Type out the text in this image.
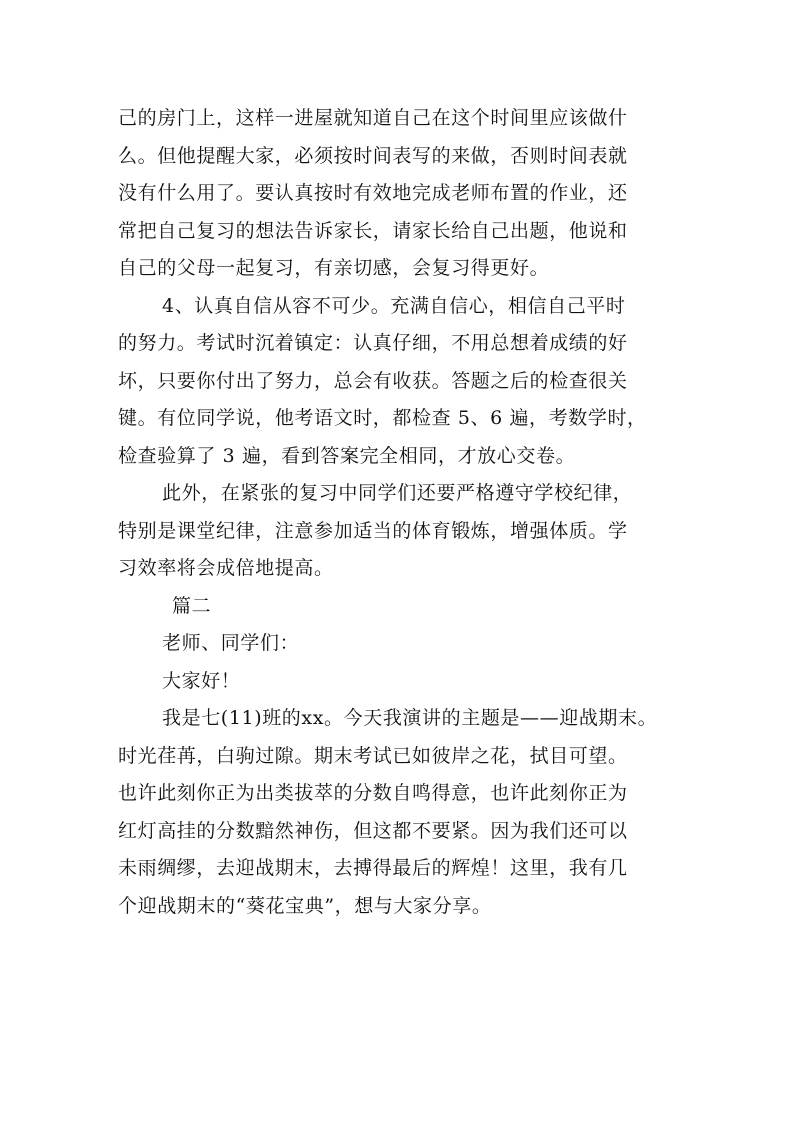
己的房门上，这样一进屋就知道自己在这个时间里应该做什
么。但他提醒大家，必须按时间表写的来做，否则时间表就
没有什么用了。要认真按时有效地完成老师布置的作业，还
常把自己复习的想法告诉家长，请家长给自己出题，他说和
自己的父母一起复习，有亲切感，会复习得更好。
4、认真自信从容不可少。充满自信心，相信自己平时
的努力。考试时沉着镇定：认真仔细，不用总想着成绩的好
坏，只要你付出了努力，总会有收获。答题之后的检查很关
键。有位同学说，他考语文时，都检查 5、6 遍，考数学时，
检查验算了 3 遍，看到答案完全相同，才放心交卷。
此外，在紧张的复习中同学们还要严格遵守学校纪律，
特别是课堂纪律，注意参加适当的体育锻炼，增强体质。学
习效率将会成倍地提高。
篇二
老师、同学们：
大家好！
我是七(11)班的xx。今天我演讲的主题是——迎战期末。
时光荏苒，白驹过隙。期末考试已如彼岸之花，拭目可望。
也许此刻你正为出类拔萃的分数自鸣得意，也许此刻你正为
红灯高挂的分数黯然神伤，但这都不要紧。因为我们还可以
未雨绸缪，去迎战期末，去搏得最后的辉煌！这里，我有几
个迎战期末的“葵花宝典”，想与大家分享。
